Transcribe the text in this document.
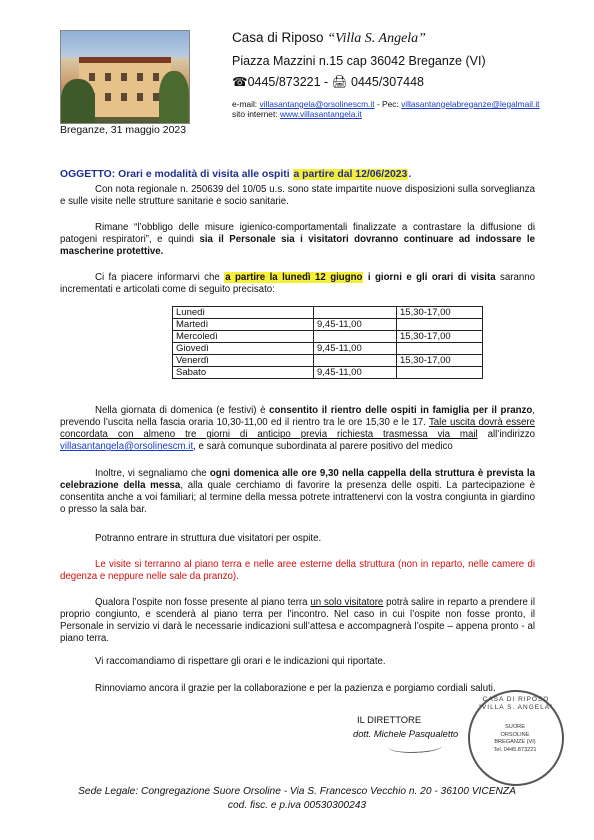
Casa di Riposo “Villa S. Angela”
Piazza Mazzini n.15 cap 36042 Breganze (VI)
☎0445/873221 - 🖨 0445/307448
e-mail: villasantangela@orsolinescm.it - Pec: villasantangelabreganze@legalmail.it
sito internet: www.villasantangela.it
Breganze, 31 maggio 2023
OGGETTO: Orari e modalità di visita alle ospiti a partire dal 12/06/2023.
Con nota regionale n. 250639 del 10/05 u.s. sono state impartite nuove disposizioni sulla sorveglianza e sulle visite nelle strutture sanitarie e socio sanitarie.
Rimane “l’obbligo delle misure igienico-comportamentali finalizzate a contrastare la diffusione di patogeni respiratori”, e quindi sia il Personale sia i visitatori dovranno continuare ad indossare le mascherine protettive.
Ci fa piacere informarvi che a partire la lunedì 12 giugno i giorni e gli orari di visita saranno incrementati e articolati come di seguito precisato:
Lunedì		15,30-17,00
Martedì	9,45-11,00	
Mercoledì		15,30-17,00
Giovedì	9,45-11,00	
Venerdì		15,30-17,00
Sabato	9,45-11,00	
Nella giornata di domenica (e festivi) è consentito il rientro delle ospiti in famiglia per il pranzo, prevendo l’uscita nella fascia oraria 10,30-11,00 ed il rientro tra le ore 15,30 e le 17. Tale uscita dovrà essere concordata con almeno tre giorni di anticipo previa richiesta trasmessa via mail all’indirizzo villasantangela@orsolinescm.it, e sarà comunque subordinata al parere positivo del medico
Inoltre, vi segnaliamo che ogni domenica alle ore 9,30 nella cappella della struttura è prevista la celebrazione della messa, alla quale cerchiamo di favorire la presenza delle ospiti. La partecipazione è consentita anche a voi familiari; al termine della messa potrete intrattenervi con la vostra congiunta in giardino o presso la sala bar.
Potranno entrare in struttura due visitatori per ospite.
Le visite si terranno al piano terra e nelle aree esterne della struttura (non in reparto, nelle camere di degenza e neppure nelle sale da pranzo).
Qualora l’ospite non fosse presente al piano terra un solo visitatore potrà salire in reparto a prendere il proprio congiunto, e scenderà al piano terra per l’incontro. Nel caso in cui l’ospite non fosse pronto, il Personale in servizio vi darà le necessarie indicazioni sull’attesa e accompagnerà l’ospite – appena pronto - al piano terra.
Vi raccomandiamo di rispettare gli orari e le indicazioni qui riportate.
Rinnoviamo ancora il grazie per la collaborazione e per la pazienza e porgiamo cordiali saluti.
IL DIRETTORE
dott. Michele Pasqualetto
CASA DI RIPOSO “VILLA S. ANGELA”
SUORE ORSOLINE
BREGANZE (VI)
Tel. 0445.873221
Sede Legale: Congregazione Suore Orsoline - Via S. Francesco Vecchio n. 20 - 36100 VICENZA
cod. fisc. e p.iva 00530300243
